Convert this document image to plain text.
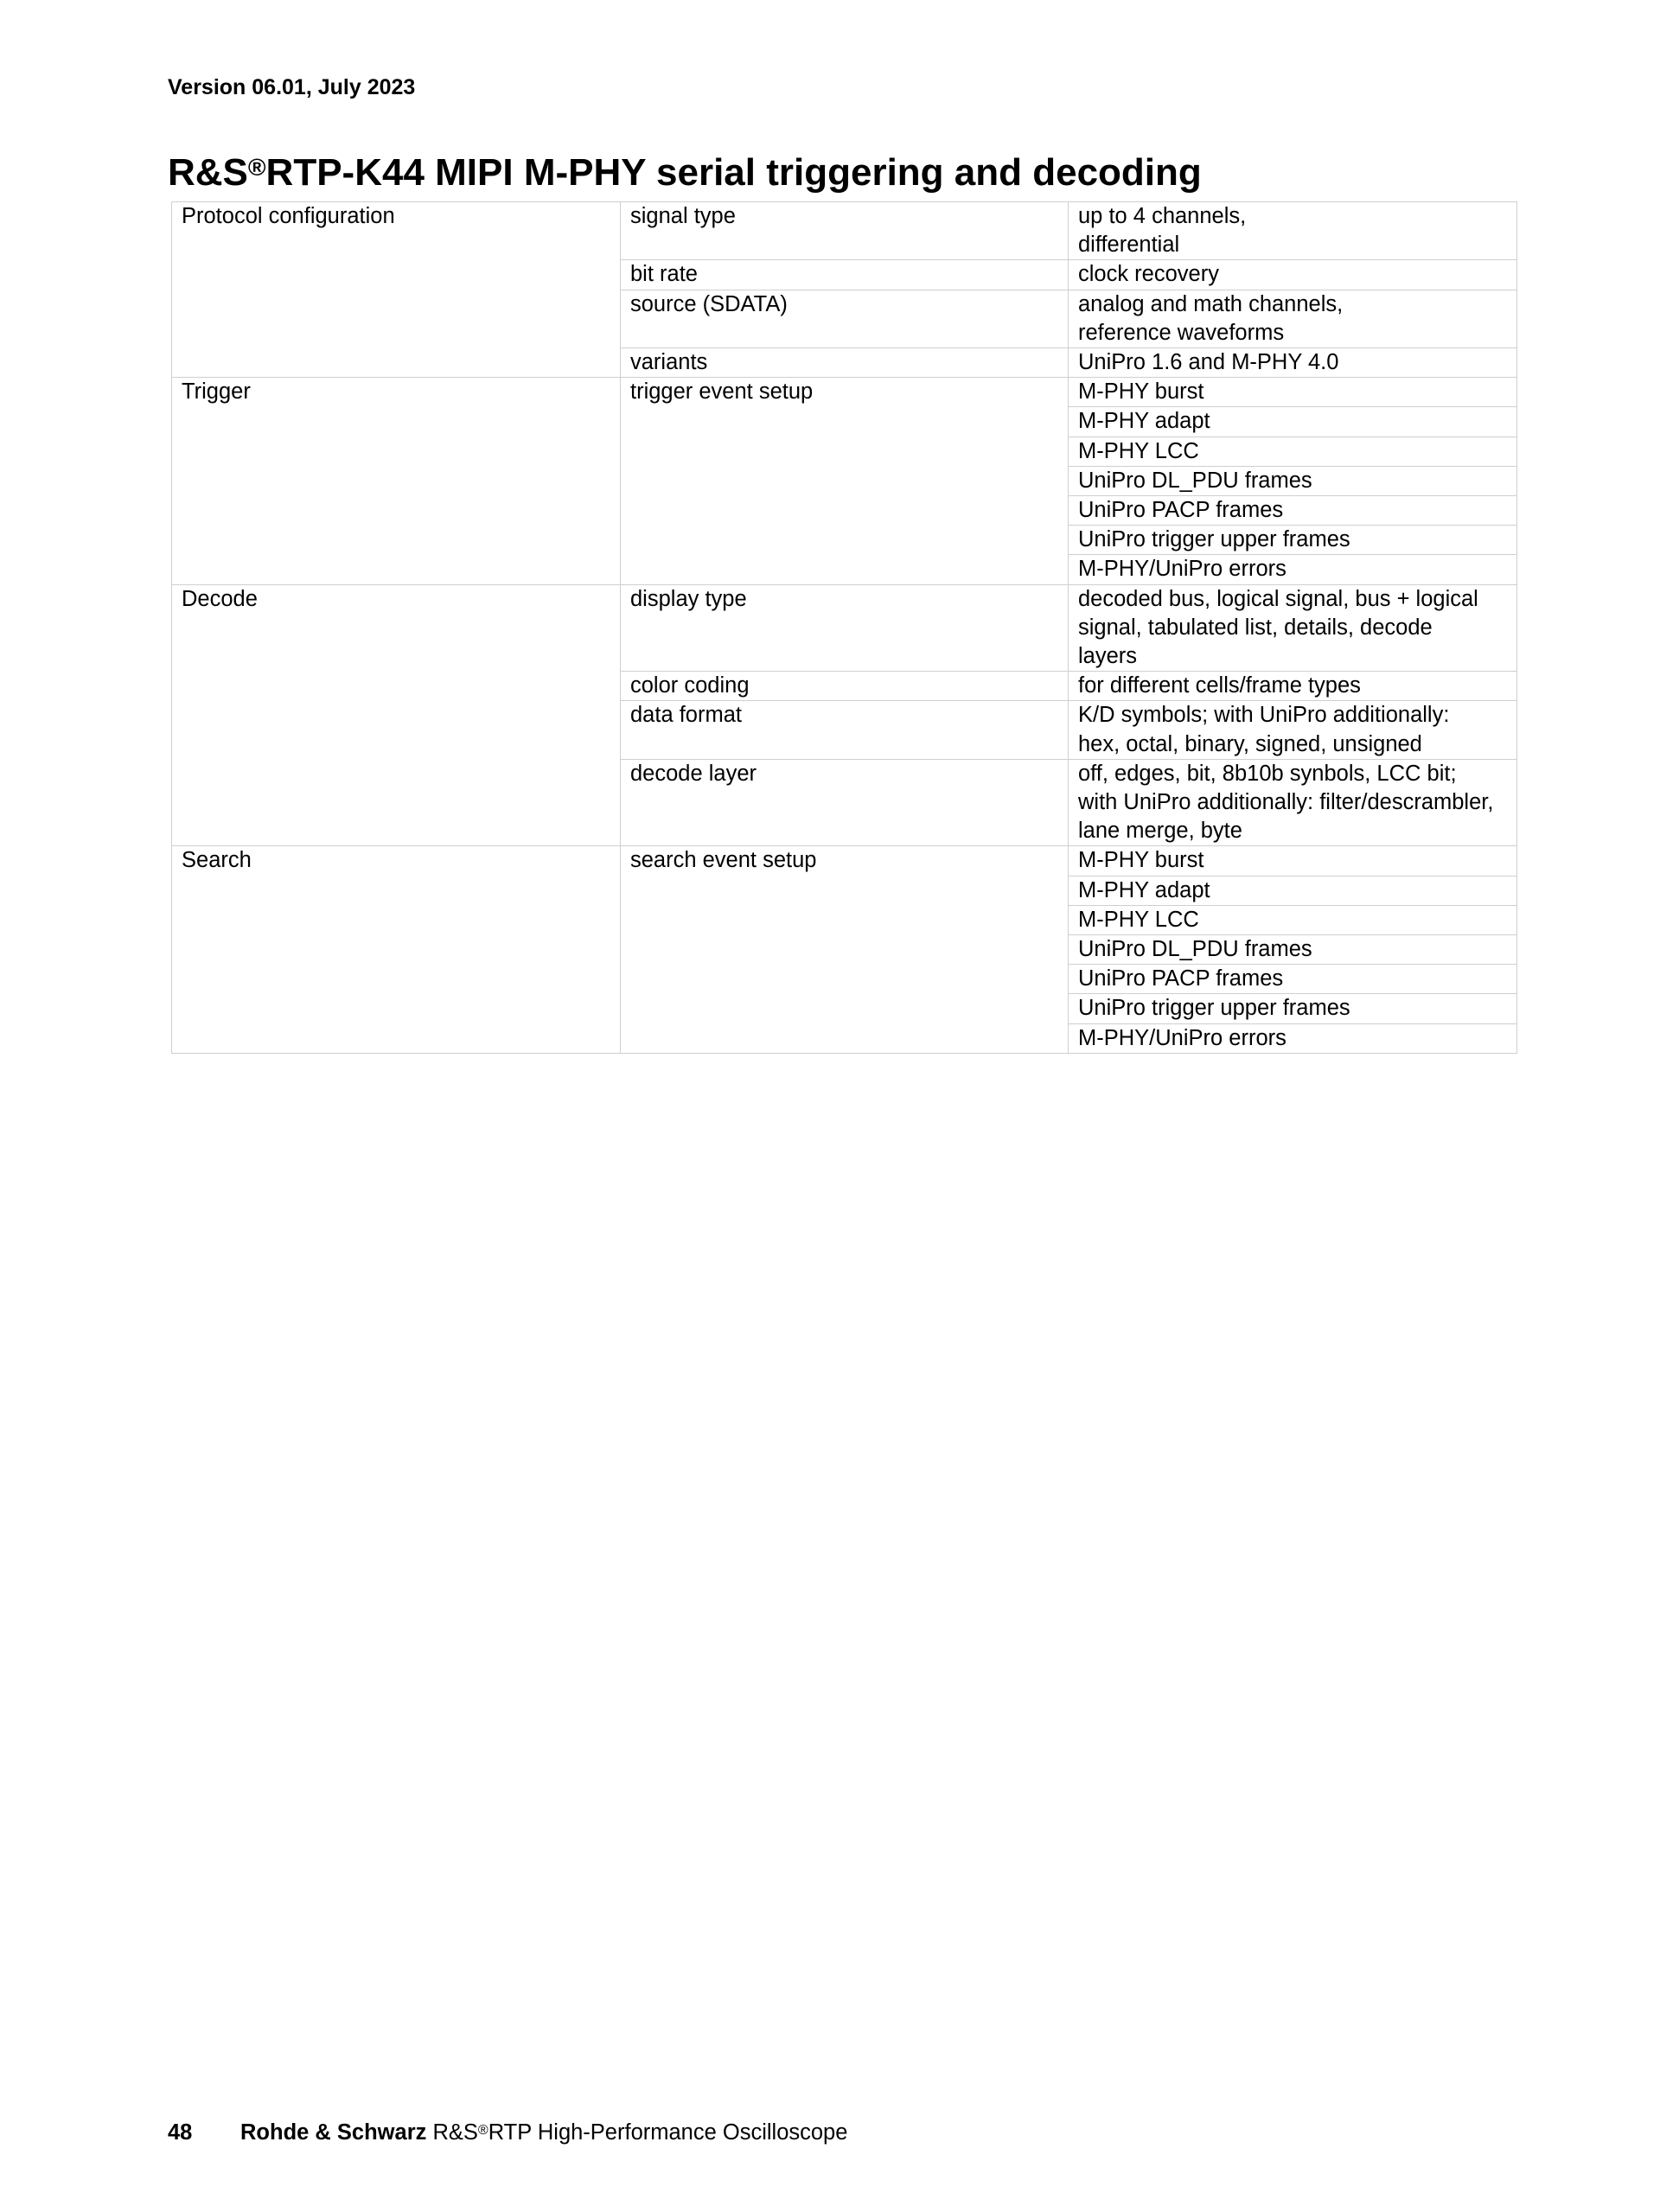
Version 06.01, July 2023
R&S®RTP-K44 MIPI M-PHY serial triggering and decoding
Protocol configuration	signal type	up to 4 channels,
differential

	bit rate	clock recovery

	source (SDATA)	analog and math channels,
reference waveforms

	variants	UniPro 1.6 and M-PHY 4.0

Trigger	trigger event setup	M-PHY burst

		M-PHY adapt

		M-PHY LCC

		UniPro DL_PDU frames

		UniPro PACP frames

		UniPro trigger upper frames

		M-PHY/UniPro errors

Decode	display type	decoded bus, logical signal, bus + logical
signal, tabulated list, details, decode
layers

	color coding	for different cells/frame types

	data format	K/D symbols; with UniPro additionally:
hex, octal, binary, signed, unsigned

	decode layer	off, edges, bit, 8b10b synbols, LCC bit;
with UniPro additionally: filter/descrambler,
lane merge, byte

Search	search event setup	M-PHY burst

		M-PHY adapt

		M-PHY LCC

		UniPro DL_PDU frames

		UniPro PACP frames

		UniPro trigger upper frames

		M-PHY/UniPro errors
48 Rohde & Schwarz R&S®RTP High-Performance Oscilloscope
